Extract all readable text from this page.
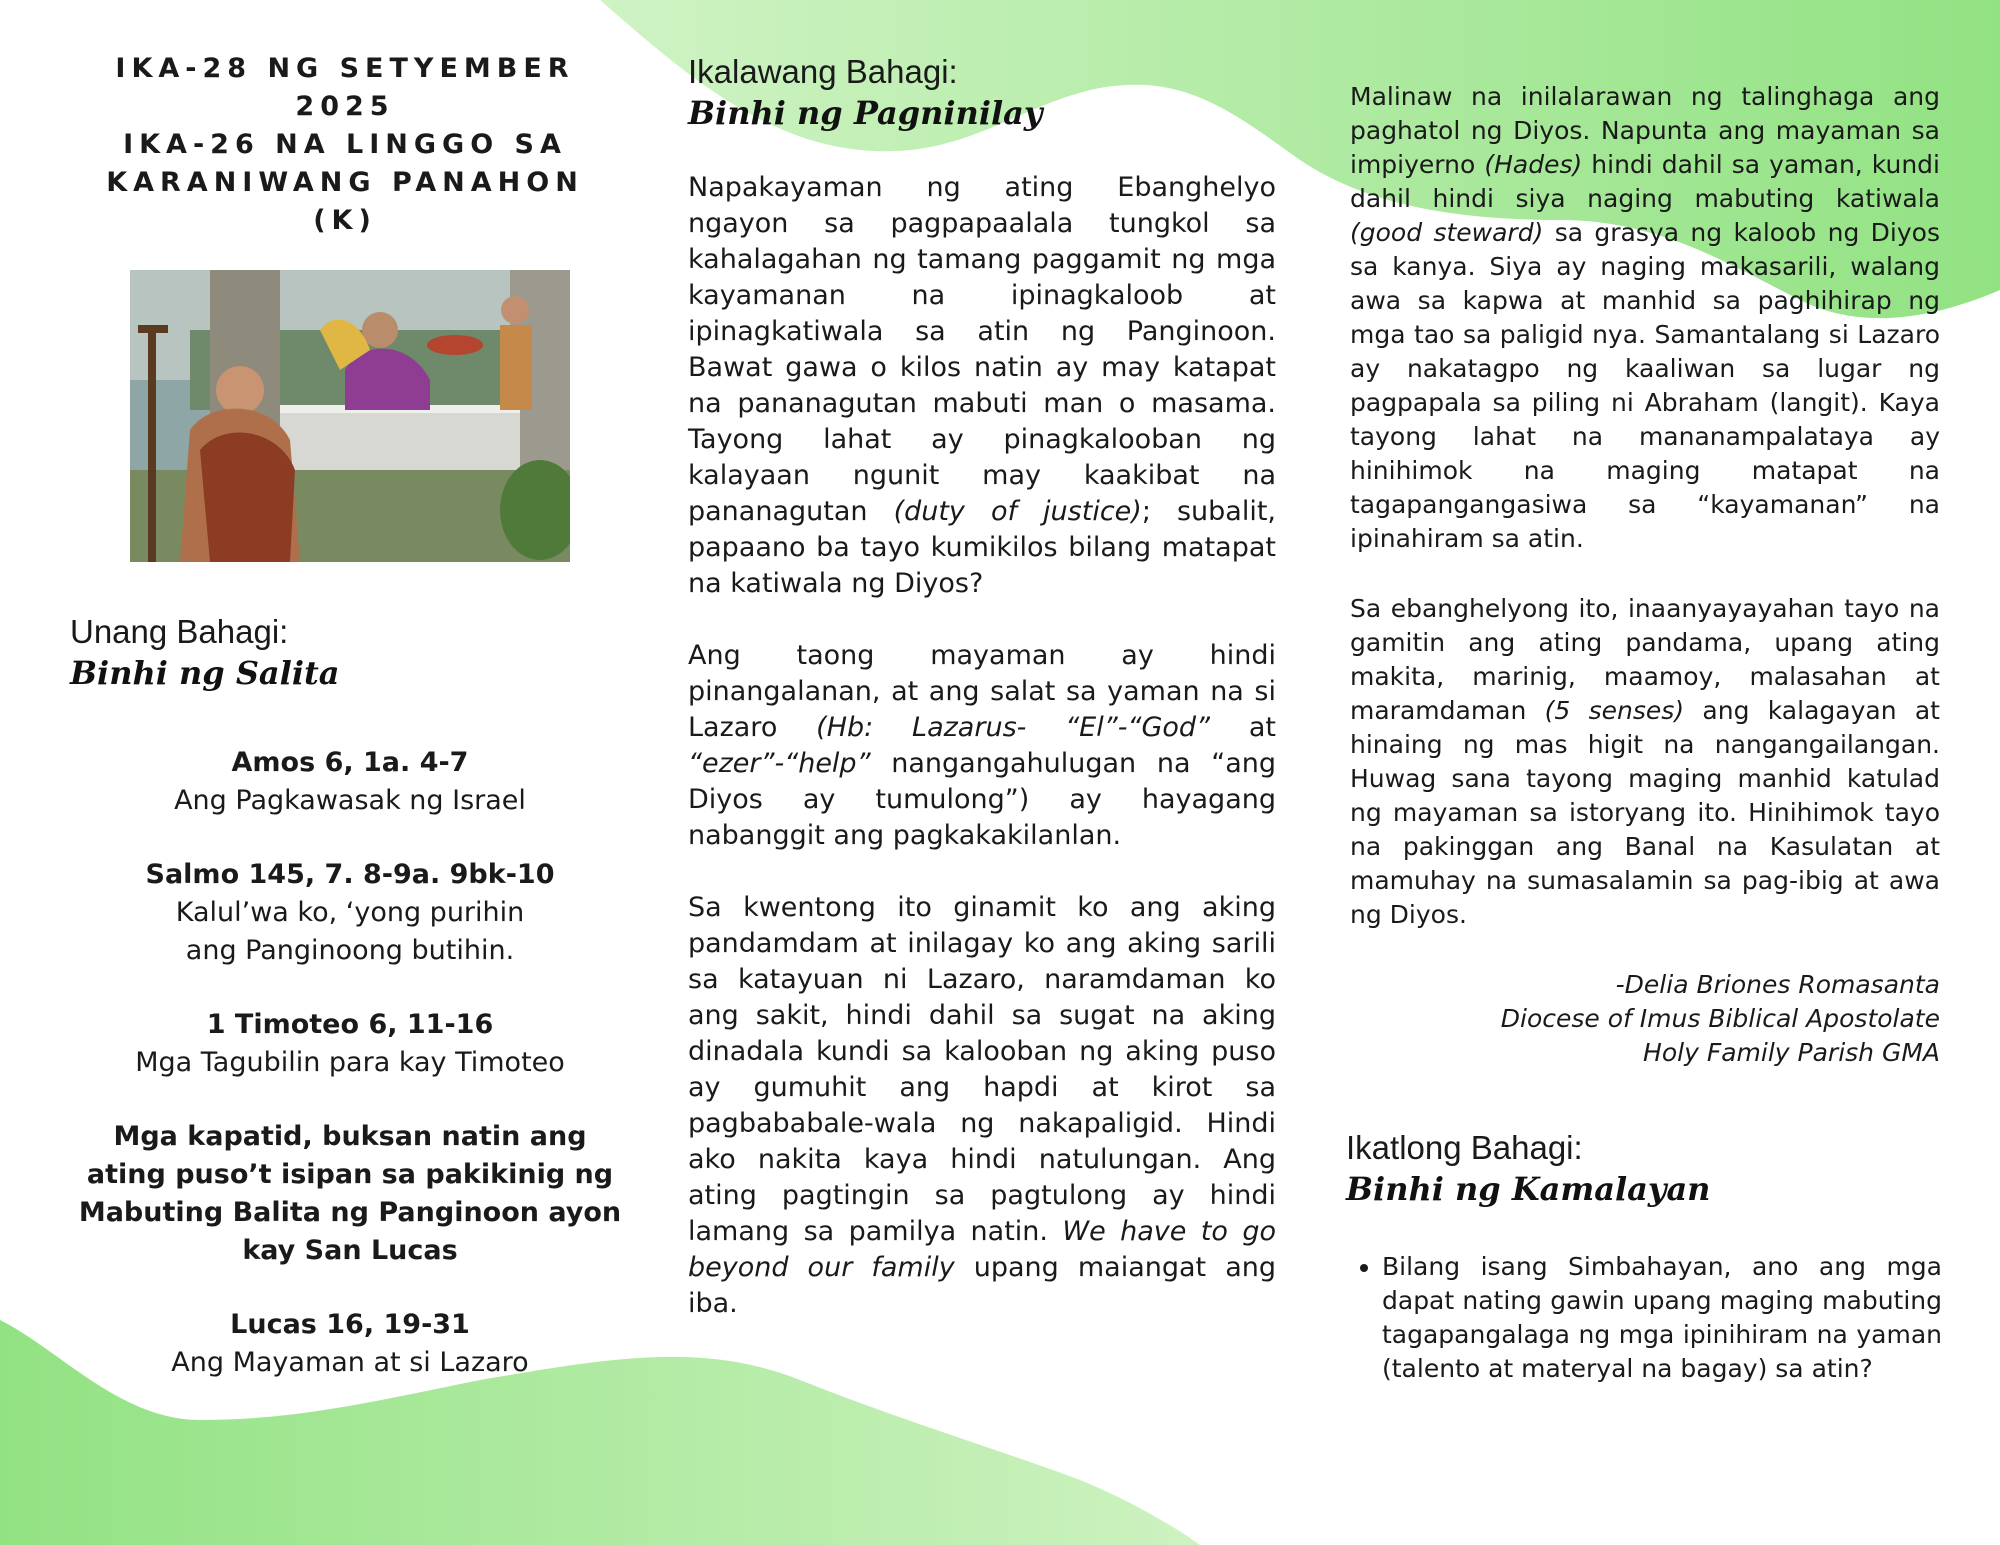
IKA-28 NG SETYEMBER
2025
IKA-26 NA LINGGO SA
KARANIWANG PANAHON
(K)
Unang Bahagi:
Binhi ng Salita
Amos 6, 1a. 4-7
Ang Pagkawasak ng Israel
Salmo 145, 7. 8-9a. 9bk-10
Kalul’wa ko, ‘yong purihin
ang Panginoong butihin.
1 Timoteo 6, 11-16
Mga Tagubilin para kay Timoteo
Mga kapatid, buksan natin ang ating puso’t isipan sa pakikinig ng Mabuting Balita ng Panginoon ayon kay San Lucas
Lucas 16, 19-31
Ang Mayaman at si Lazaro
Ikalawang Bahagi:
Binhi ng Pagninilay

Napakayaman ng ating Ebanghelyo ngayon sa pagpapaalala tungkol sa kahalagahan ng tamang paggamit ng mga kayamanan na ipinagkaloob at ipinagkatiwala sa atin ng Panginoon. Bawat gawa o kilos natin ay may katapat na pananagutan mabuti man o masama. Tayong lahat ay pinagkalooban ng kalayaan ngunit may kaakibat na pananagutan (duty of justice); subalit, papaano ba tayo kumikilos bilang matapat na katiwala ng Diyos?

Ang taong mayaman ay hindi pinangalanan, at ang salat sa yaman na si Lazaro (Hb: Lazarus- “El”-“God” at “ezer”-“help” nangangahulugan na “ang Diyos ay tumulong”) ay hayagang nabanggit ang pagkakakilanlan.

Sa kwentong ito ginamit ko ang aking pandamdam at inilagay ko ang aking sarili sa katayuan ni Lazaro, naramdaman ko ang sakit, hindi dahil sa sugat na aking dinadala kundi sa kalooban ng aking puso ay gumuhit ang hapdi at kirot sa pagbababale-wala ng nakapaligid. Hindi ako nakita kaya hindi natulungan. Ang ating pagtingin sa pagtulong ay hindi lamang sa pamilya natin. We have to go beyond our family upang maiangat ang iba.

Malinaw na inilalarawan ng talinghaga ang paghatol ng Diyos. Napunta ang mayaman sa impiyerno (Hades) hindi dahil sa yaman, kundi dahil hindi siya naging mabuting katiwala (good steward) sa grasya ng kaloob ng Diyos sa kanya. Siya ay naging makasarili, walang awa sa kapwa at manhid sa paghihirap ng mga tao sa paligid nya. Samantalang si Lazaro ay nakatagpo ng kaaliwan sa lugar ng pagpapala sa piling ni Abraham (langit). Kaya tayong lahat na mananampalataya ay hinihimok na maging matapat na tagapangangasiwa sa “kayamanan” na ipinahiram sa atin.

Sa ebanghelyong ito, inaanyayayahan tayo na gamitin ang ating pandama, upang ating makita, marinig, maamoy, malasahan at maramdaman (5 senses) ang kalagayan at hinaing ng mas higit na nangangailangan. Huwag sana tayong maging manhid katulad ng mayaman sa istoryang ito. Hinihimok tayo na pakinggan ang Banal na Kasulatan at mamuhay na sumasalamin sa pag-ibig at awa ng Diyos.

-Delia Briones Romasanta
Diocese of Imus Biblical Apostolate
Holy Family Parish GMA
Ikatlong Bahagi:
Binhi ng Kamalayan
• Bilang isang Simbahayan, ano ang mga dapat nating gawin upang maging mabuting tagapangalaga ng mga ipinihiram na yaman (talento at materyal na bagay) sa atin?
